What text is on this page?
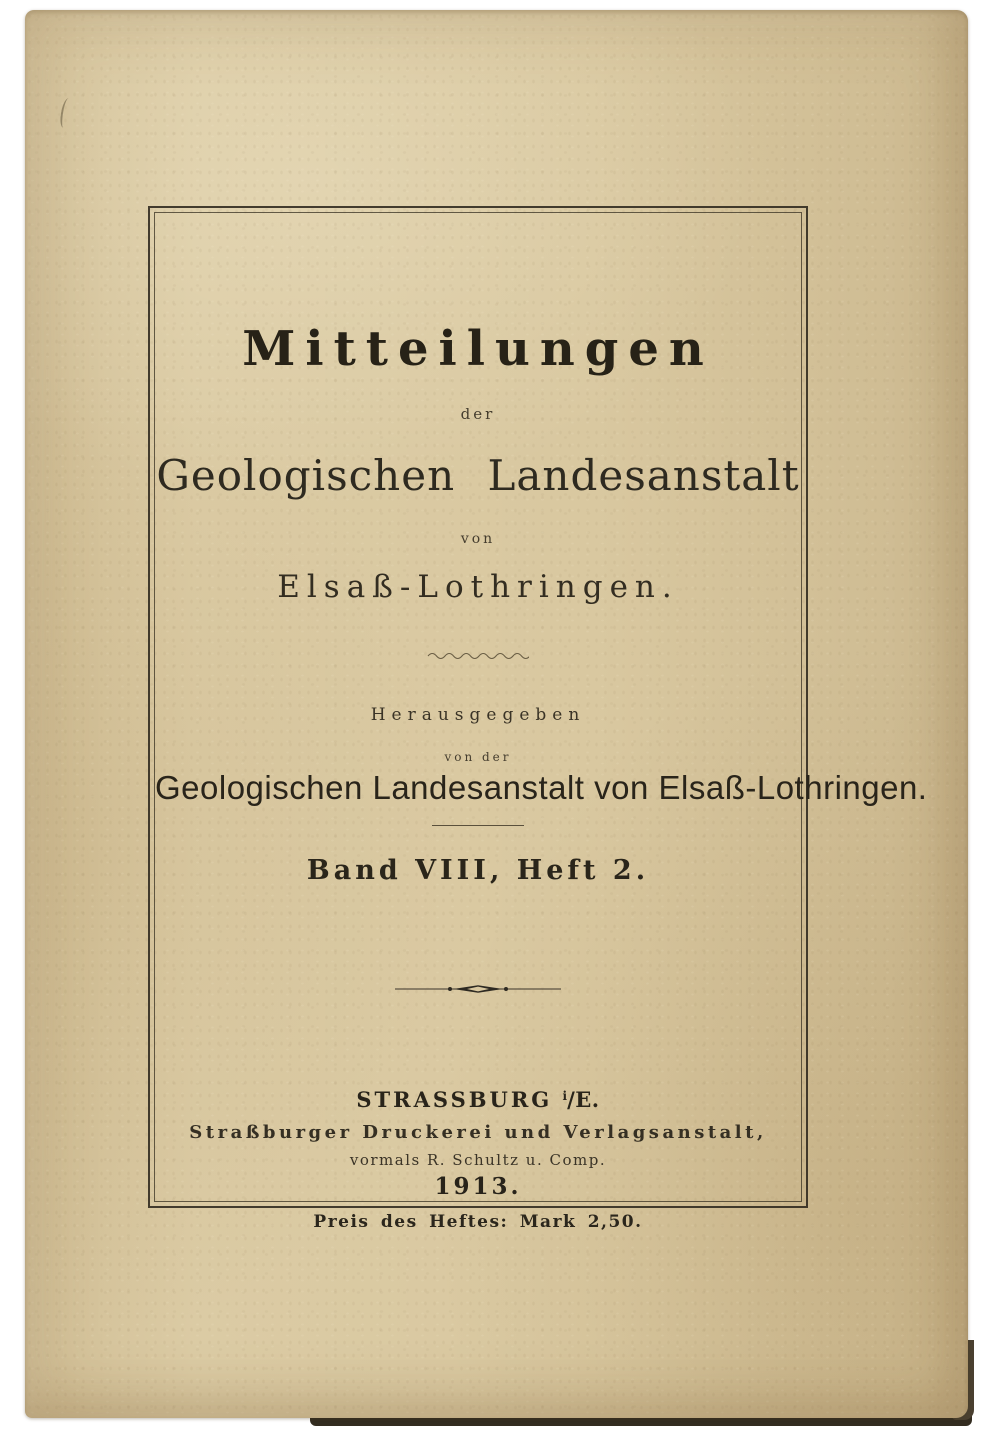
Mitteilungen
der
Geologischen Landesanstalt
von
Elsaß-Lothringen.
Herausgegeben
von der
Geologischen Landesanstalt von Elsaß-Lothringen.
Band VIII, Heft 2.
STRASSBURG $^i$/E.
Straßburger Druckerei und Verlagsanstalt,
vormals R. Schultz u. Comp.
1913.
Preis des Heftes: Mark 2,50.
